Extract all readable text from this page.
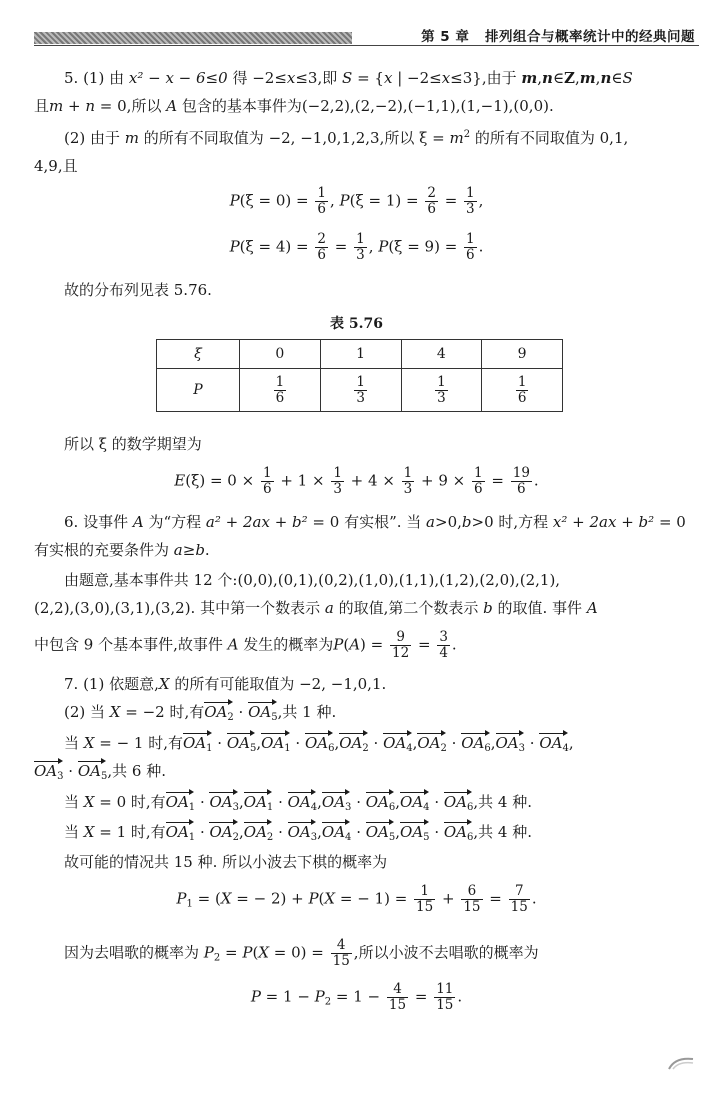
第 5 章 排列组合与概率统计中的经典问题
5. (1) 由 x² − x − 6≤0 得 −2≤x≤3,即 S = {x | −2≤x≤3},由于 m,n∈Z,m,n∈S
且m + n = 0,所以 A 包含的基本事件为(−2,2),(2,−2),(−1,1),(1,−1),(0,0).
(2) 由于 m 的所有不同取值为 −2, −1,0,1,2,3,所以 $\xi = m^2$ 的所有不同取值为 0,1,
4,9,且
$P(\xi = 0) = \frac{1}{6}$ , $P(\xi = 1) = \frac{2}{6} = \frac{1}{3}$ ,
$P(\xi = 4) = \frac{2}{6} = \frac{1}{3}$ , $P(\xi = 9) = \frac{1}{6}$ .
故的分布列见表 5.76.
表 5.76
ξ	0	1	4	9
P	$\frac{1}{6}$	$\frac{1}{3}$	$\frac{1}{3}$	$\frac{1}{6}$
所以 ξ 的数学期望为
$E(\xi) = 0 \times \frac{1}{6} + 1 \times \frac{1}{3} + 4 \times \frac{1}{3} + 9 \times \frac{1}{6} = \frac{19}{6}$ .
6. 设事件 A 为“方程 a² + 2ax + b² = 0 有实根”. 当 a>0,b>0 时,方程 x² + 2ax + b² = 0
有实根的充要条件为 a≥b.
由题意,基本事件共 12 个:(0,0),(0,1),(0,2),(1,0),(1,1),(1,2),(2,0),(2,1),
(2,2),(3,0),(3,1),(3,2). 其中第一个数表示 a 的取值,第二个数表示 b 的取值. 事件 A
中包含 9 个基本事件,故事件 A 发生的概率为$P(A) = \frac{9}{12} = \frac{3}{4}$ .
7. (1) 依题意,X 的所有可能取值为 −2, −1,0,1.
(2) 当 X = −2 时,有$OA_2 \cdot OA_5$,共 1 种.
当 X = − 1 时,有$OA_1 \cdot OA_5,OA_1 \cdot OA_6,OA_2 \cdot OA_4,OA_2 \cdot OA_6,OA_3 \cdot OA_4$,
$OA_3 \cdot OA_5$,共 6 种.
当 X = 0 时,有$OA_1 \cdot OA_3,OA_1 \cdot OA_4,OA_3 \cdot OA_6,OA_4 \cdot OA_6$,共 4 种.
当 X = 1 时,有$OA_1 \cdot OA_2,OA_2 \cdot OA_3,OA_4 \cdot OA_5,OA_5 \cdot OA_6$,共 4 种.
故可能的情况共 15 种. 所以小波去下棋的概率为
$P_1 = (X$ = − 2) + P(X = − $1) = \frac{1}{15} + \frac{6}{15} = \frac{7}{15}$ .
因为去唱歌的概率为 $P_2 = P(X = 0) = \frac{4}{15}$ ,所以小波不去唱歌的概率为
$P = 1 - P_2 = 1 - \frac{4}{15} = \frac{11}{15}$ .
